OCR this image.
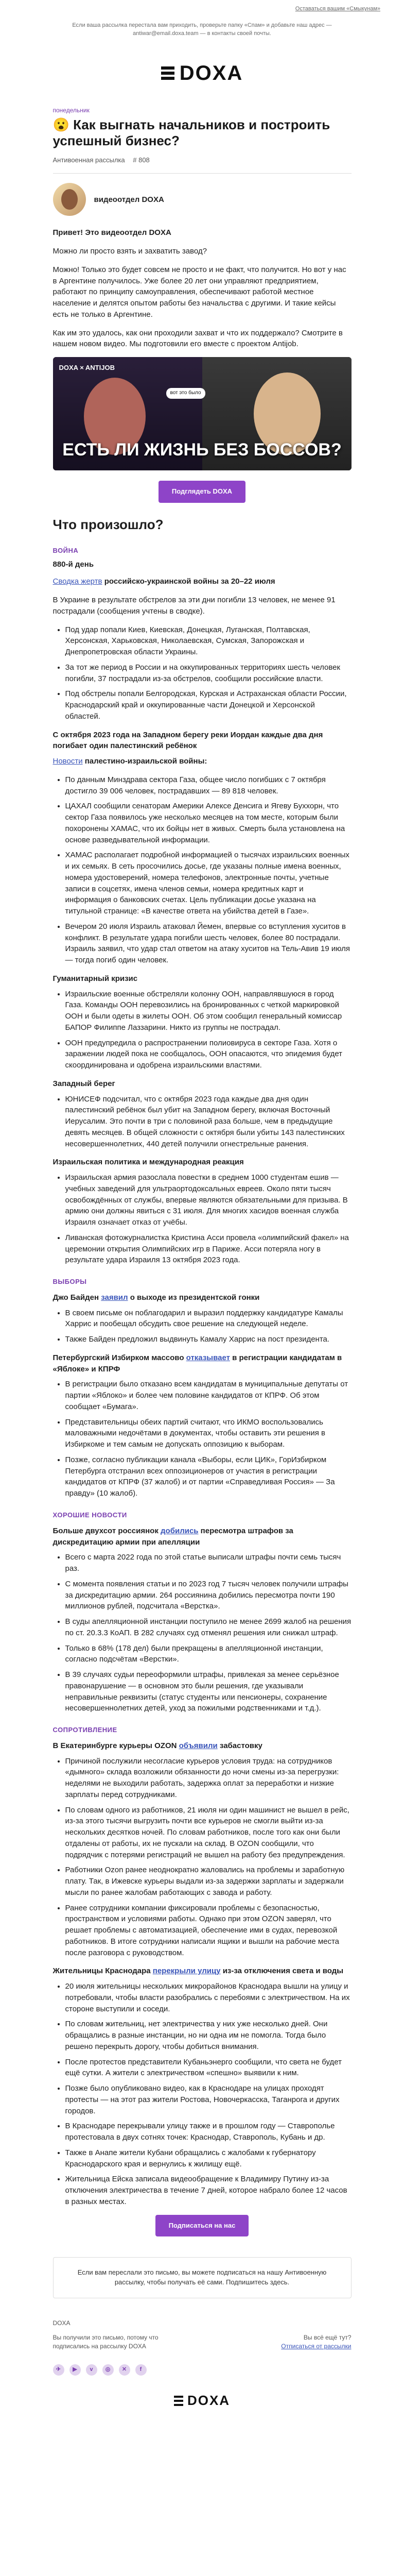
Оставаться вашим «Смыкунам»
Если ваша рассылка перестала вам приходить, проверьте папку «Спам» и добавьте наш адрес — antiwar@email.doxa.team — в контакты своей почты.
DOXA
понедельник
😮 Как выгнать начальников и построить успешный бизнес?
Антивоенная рассылка # 808
видеоотдел DOXA

Привет! Это видеоотдел DOXA

Можно ли просто взять и захватить завод?

Можно! Только это будет совсем не просто и не факт, что получится. Но вот у нас в Аргентине получилось. Уже более 20 лет они управляют предприятием, работают по принципу самоуправления, обеспечивают работой местное население и делятся опытом работы без начальства с другими. И такие кейсы есть не только в Аргентине.

Как им это удалось, как они проходили захват и что их поддержало? Смотрите в нашем новом видео. Мы подготовили его вместе с проектом Antijob.

DOXA × ANTIJOB
вот это было
ЕСТЬ ЛИ ЖИЗНЬ БЕЗ БОССОВ?
Подглядеть DOXA
Что произошло?
ВОЙНА
880-й день

Сводка жертв российско-украинской войны за 20–22 июля

В Украине в результате обстрелов за эти дни погибли 13 человек, не менее 91 пострадали (сообщения учтены в сводке).

• Под удар попали Киев, Киевская, Донецкая, Луганская, Полтавская, Херсонская, Харьковская, Николаевская, Сумская, Запорожская и Днепропетровская области Украины.
• За тот же период в России и на оккупированных территориях шесть человек погибли, 37 пострадали из-за обстрелов, сообщили российские власти.
• Под обстрелы попали Белгородская, Курская и Астраханская области России, Краснодарский край и оккупированные части Донецкой и Херсонской областей.
С октября 2023 года на Западном берегу реки Иордан каждые два дня погибает один палестинский ребёнок

Новости палестино-израильской войны:

• По данным Минздрава сектора Газа, общее число погибших с 7 октября достигло 39 006 человек, пострадавших — 89 818 человек.
• ЦАХАЛ сообщили сенаторам Америки Алексе Денсига и Ягеву Буххорн, что сектор Газа появилось уже несколько месяцев на том месте, которым были похоронены ХАМАС, что их бойцы нет в живых. Смерть была установлена на основе разведывательной информации.
• ХАМАС располагает подробной информацией о тысячах израильских военных и их семьях. В сеть просочились досье, где указаны полные имена военных, номера удостоверений, номера телефонов, электронные почты, учетные записи в соцсетях, имена членов семьи, номера кредитных карт и информация о банковских счетах. Цель публикации досье указана на титульной странице: «В качестве ответа на убийства детей в Газе».
• Вечером 20 июля Израиль атаковал Йемен, впервые со вступления хуситов в конфликт. В результате удара погибли шесть человек, более 80 пострадали. Израиль заявил, что удар стал ответом на атаку хуситов на Тель-Авив 19 июля — тогда погиб один человек.
Гуманитарный кризис
• Израильские военные обстреляли колонну ООН, направлявшуюся в город Газа. Команды ООН перевозились на бронированных с четкой маркировкой ООН и были одеты в жилеты ООН. Об этом сообщил генеральный комиссар БАПОР Филиппе Лаззарини. Никто из группы не пострадал.
• ООН предупредила о распространении полиовируса в секторе Газа. Хотя о заражении людей пока не сообщалось, ООН опасаются, что эпидемия будет скоординирована и одобрена израильскими властями.
Западный берег
• ЮНИСЕФ подсчитал, что с октября 2023 года каждые два дня один палестинский ребёнок был убит на Западном берегу, включая Восточный Иерусалим. Это почти в три с половиной раза больше, чем в предыдущие девять месяцев. В общей сложности с октября были убиты 143 палестинских несовершеннолетних, 440 детей получили огнестрельные ранения.
Израильская политика и международная реакция
• Израильская армия разослала повестки в среднем 1000 студентам ешив — учебных заведений для ультраортодоксальных евреев. Около пяти тысяч освобождённых от службы, впервые являются обязательными для призыва. В армию они должны явиться с 31 июля. Для многих хасидов военная служба Израиля означает отказ от учёбы.
• Ливанская фотожурналистка Кристина Асси провела «олимпийский факел» на церемонии открытия Олимпийских игр в Париже. Асси потеряла ногу в результате удара Израиля 13 октября 2023 года.
ВЫБОРЫ
Джо Байден заявил о выходе из президентской гонки
• В своем письме он поблагодарил и выразил поддержку кандидатуре Камалы Харрис и пообещал обсудить свое решение на следующей неделе.
• Также Байден предложил выдвинуть Камалу Харрис на пост президента.
Петербургский Избирком массово отказывает в регистрации кандидатам в «Яблоке» и КПРФ
• В регистрации было отказано всем кандидатам в муниципальные депутаты от партии «Яблоко» и более чем половине кандидатов от КПРФ. Об этом сообщает «Бумага».
• Представительницы обеих партий считают, что ИКМО воспользовались маловажными недочётами в документах, чтобы оставить эти решения в Избиркоме и тем самым не допускать оппозицию к выборам.
• Позже, согласно публикации канала «Выборы, если ЦИК», ГорИзбирком Петербурга отстранил всех оппозиционеров от участия в регистрации кандидатов от КПРФ (37 жалоб) и от партии «Справедливая Россия» — За правду» (10 жалоб).
ХОРОШИЕ НОВОСТИ
Больше двухсот россиянок добились пересмотра штрафов за дискредитацию армии при апелляции
• Всего с марта 2022 года по этой статье выписали штрафы почти семь тысяч раз.
• С момента появления статьи и по 2023 год 7 тысяч человек получили штрафы за дискредитацию армии. 264 россиянина добились пересмотра почти 190 миллионов рублей, подсчитала «Верстка».
• В суды апелляционной инстанции поступило не менее 2699 жалоб на решения по ст. 20.3.3 КоАП. В 282 случаях суд отменял решения или снижал штраф.
• Только в 68% (178 дел) были прекращены в апелляционной инстанции, согласно подсчётам «Верстки».
• В 39 случаях судьи переоформили штрафы, привлекая за менее серьёзное правонарушение — в основном это были решения, где указывали неправильные реквизиты (статус студенты или пенсионеры, сохранение несовершеннолетних детей, уход за пожилыми родственниками и т.д.).
СОПРОТИВЛЕНИЕ
В Екатеринбурге курьеры OZON объявили забастовку
• Причиной послужили несогласие курьеров условия труда: на сотрудников «дымного» склада возложили обязанности до ночи смены из-за перегрузки: неделями не выходили работать, задержка оплат за переработки и низкие зарплаты перед сотрудниками.
• По словам одного из работников, 21 июля ни один машинист не вышел в рейс, из-за этого тысячи выгрузить почти все курьеров не смогли выйти из-за нескольких десятков ночей. По словам работников, после того как они были отдалены от работы, их не пускали на склад. В OZON сообщили, что подрядчик с потерями регистраций не вышел на работу без предупреждения.
• Работники Ozon ранее неоднократно жаловались на проблемы и заработную плату. Так, в Ижевске курьеры выдали из-за задержки зарплаты и задержали мысли по ранее жалобам работающих с завода и работу.
• Ранее сотрудники компании фиксировали проблемы с безопасностью, пространством и условиями работы. Однако при этом OZON заверял, что решает проблемы с автоматизацией, обеспечение ими в судах, перевозкой работников. В итоге сотрудники написали ящики и вышли на рабочие места после разговора с руководством.
Жительницы Краснодара перекрыли улицу из-за отключения света и воды
• 20 июля жительницы нескольких микрорайонов Краснодара вышли на улицу и потребовали, чтобы власти разобрались с перебоями с электричеством. На их стороне выступили и соседи.
• По словам жительниц, нет электричества у них уже несколько дней. Они обращались в разные инстанции, но ни одна им не помогла. Тогда было решено перекрыть дорогу, чтобы добиться внимания.
• После протестов представители Кубаньэнерго сообщили, что света не будет ещё сутки. А жители с электричеством «спешно» выявили к ним.
• Позже было опубликовано видео, как в Краснодаре на улицах проходят протесты — на этот раз жители Ростова, Новочеркасска, Таганрога и других городов.
• В Краснодаре перекрывали улицу также и в прошлом году — Ставрополье протестовала в двух сотнях точек: Краснодар, Ставрополь, Кубань и др.
• Также в Анапе жители Кубани обращались с жалобами к губернатору Краснодарского края и вернулись к жилищу ещё.
• Жительница Ейска записала видеообращение к Владимиру Путину из-за отключения электричества в течение 7 дней, которое набрало более 12 часов в разных местах.
Подписаться на нас
Если вам переслали это письмо, вы можете подписаться на нашу Антивоенную рассылку, чтобы получать её сами. Подпишитесь здесь.
DOXA
Вы получили это письмо, потому что
подписались на рассылку DOXA
Вы всё ещё тут?
Отписаться от рассылки
✈	▶	v	◎	✕	f
DOXA
